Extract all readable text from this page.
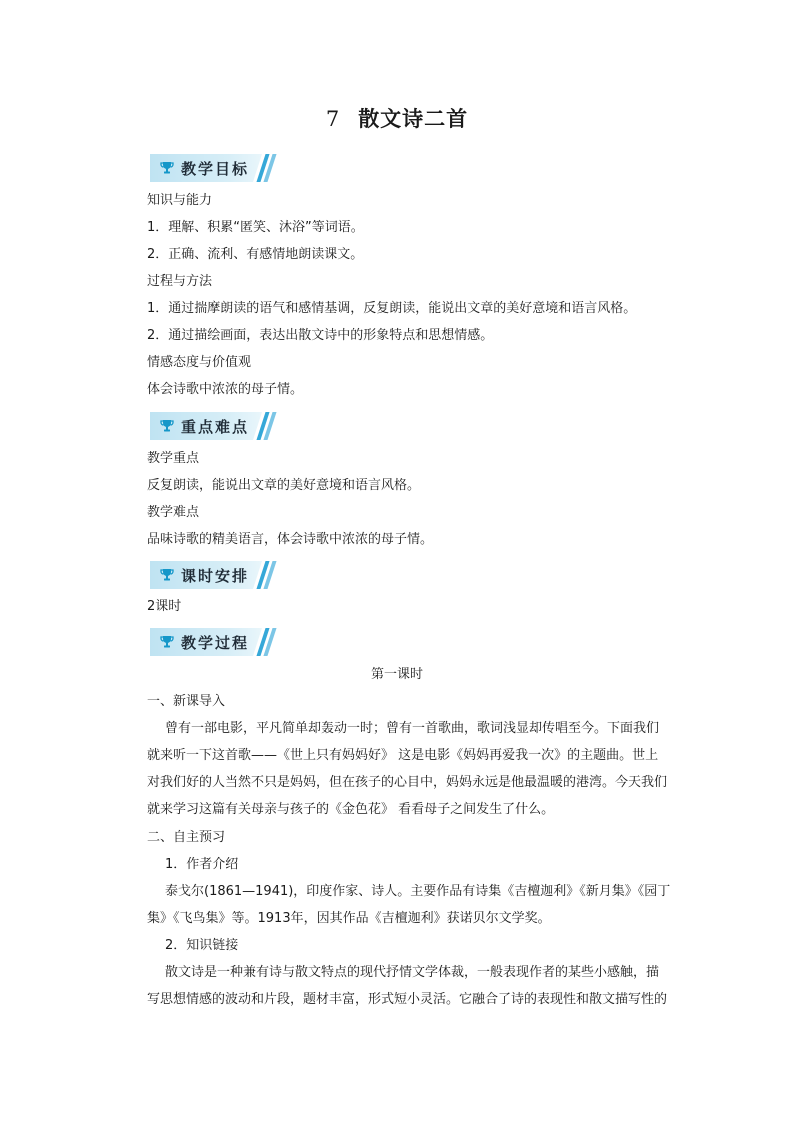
7 散文诗二首
教学目标
知识与能力
1．理解、积累“匿笑、沐浴”等词语。
2．正确、流利、有感情地朗读课文。
过程与方法
1．通过揣摩朗读的语气和感情基调，反复朗读，能说出文章的美好意境和语言风格。
2．通过描绘画面，表达出散文诗中的形象特点和思想情感。
情感态度与价值观
体会诗歌中浓浓的母子情。
重点难点
教学重点
反复朗读，能说出文章的美好意境和语言风格。
教学难点
品味诗歌的精美语言，体会诗歌中浓浓的母子情。
课时安排
2课时
教学过程
第一课时
一、新课导入
曾有一部电影，平凡简单却轰动一时；曾有一首歌曲，歌词浅显却传唱至今。下面我们
就来听一下这首歌——《世上只有妈妈好》 这是电影《妈妈再爱我一次》的主题曲。世上
对我们好的人当然不只是妈妈，但在孩子的心目中，妈妈永远是他最温暖的港湾。今天我们
就来学习这篇有关母亲与孩子的《金色花》 看看母子之间发生了什么。
二、自主预习
1．作者介绍
泰戈尔(1861—1941)，印度作家、诗人。主要作品有诗集《吉檀迦利》《新月集》《园丁
集》《飞鸟集》等。1913年，因其作品《吉檀迦利》获诺贝尔文学奖。
2．知识链接
散文诗是一种兼有诗与散文特点的现代抒情文学体裁，一般表现作者的某些小感触，描
写思想情感的波动和片段，题材丰富，形式短小灵活。它融合了诗的表现性和散文描写性的
